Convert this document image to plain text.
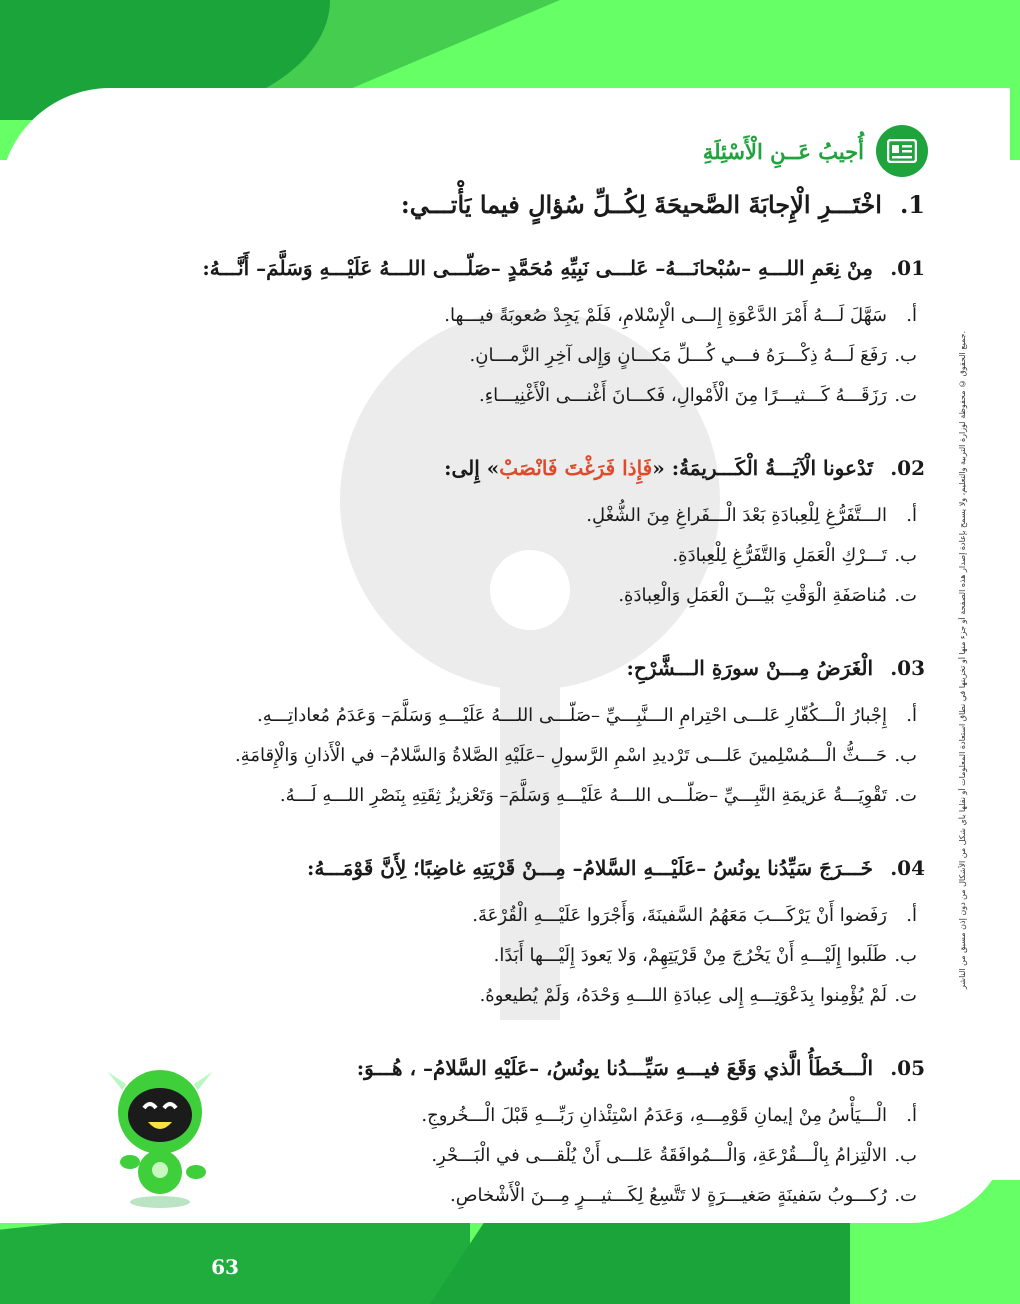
جميع الحقوق © محفوظة لوزارة التربية والتعليم، ولا يسمح بإعادة إصدار هذه الصفحة أو جزء منها أو تخزينها في نطاق استعادة المعلومات أو نقلها بأي شكل من الأشكال من دون إذن مسبق من الناشر.
أُجيبُ عَــنِ الْأَسْئِلَةِ
1.
اخْتَـــرِ الْإِجابَةَ الصَّحيحَةَ لِكُــلِّ سُؤالٍ فيما يَأْتـــي:
01.
مِنْ نِعَمِ اللـــهِ –سُبْحانَـــهُ– عَلـــى نَبِيِّهِ مُحَمَّدٍ –صَلّـــى اللـــهُ عَلَيْـــهِ وَسَلَّمَ– أَنَّـــهُ:
أ.
سَهَّلَ لَـــهُ أَمْرَ الدَّعْوَةِ إِلـــى الْإِسْلامِ، فَلَمْ يَجِدْ صُعوبَةً فيـــها.
ب.
رَفَعَ لَـــهُ ذِكْـــرَهُ فـــي كُـــلِّ مَكـــانٍ وَإِلى آخِرِ الزَّمـــانِ.
ت.
رَزَقَـــهُ كَـــثيـــرًا مِنَ الْأَمْوالِ، فَكـــانَ أَغْنـــى الْأَغْنِيـــاءِ.
02.
تَدْعونا الْآيَـــةُ الْكَـــريمَةُ: «فَإِذا فَرَغْتَ فَانْصَبْ» إِلى:
أ.
الـــتَّفَرُّغِ لِلْعِبادَةِ بَعْدَ الْـــفَراغِ مِنَ الشُّغْلِ.
ب.
تَـــرْكِ الْعَمَلِ وَالتَّفَرُّغِ لِلْعِبادَةِ.
ت.
مُناصَفَةِ الْوَقْتِ بَيْـــنَ الْعَمَلِ وَالْعِبادَةِ.
03.
الْغَرَضُ مِـــنْ سورَةِ الـــشَّرْحِ:
أ.
إِجْبارُ الْـــكُفّارِ عَلـــى احْتِرامِ الـــنَّبِـــيِّ –صَلّـــى اللـــهُ عَلَيْـــهِ وَسَلَّمَ– وَعَدَمُ مُعاداتِـــهِ.
ب.
حَـــثُّ الْـــمُسْلِمينَ عَلـــى تَرْديدِ اسْمِ الرَّسولِ –عَلَيْهِ الصَّلاةُ وَالسَّلامُ– في الْأَذانِ وَالْإِقامَةِ.
ت.
تَقْوِيَـــةُ عَزيمَةِ النَّبِـــيِّ –صَلّـــى اللـــهُ عَلَيْـــهِ وَسَلَّمَ– وَتَعْزيزُ ثِقَتِهِ بِنَصْرِ اللـــهِ لَـــهُ.
04.
خَـــرَجَ سَيِّدُنا يونُسُ –عَلَيْـــهِ السَّلامُ– مِـــنْ قَرْيَتِهِ غاضِبًا؛ لِأَنَّ قَوْمَـــهُ:
أ.
رَفَضوا أَنْ يَرْكَـــبَ مَعَهُمُ السَّفينَةَ، وَأَجْرَوا عَلَيْـــهِ الْقُرْعَةَ.
ب.
طَلَبوا إِلَيْـــهِ أَنْ يَخْرُجَ مِنْ قَرْيَتِهِمْ، وَلا يَعودَ إِلَيْـــها أَبَدًا.
ت.
لَمْ يُؤْمِنوا بِدَعْوَتِـــهِ إِلى عِبادَةِ اللـــهِ وَحْدَهُ، وَلَمْ يُطيعوهُ.
05.
الْـــخَطَأُ الَّذي وَقَعَ فيـــهِ سَيِّـــدُنا يونُسُ، –عَلَيْهِ السَّلامُ– ، هُـــوَ:
أ.
الْـــيَأْسُ مِنْ إيمانِ قَوْمِـــهِ، وَعَدَمُ اسْتِئْذانِ رَبِّـــهِ قَبْلَ الْـــخُروجِ.
ب.
الالْتِزامُ بِالْـــقُرْعَةِ، وَالْـــمُوافَقَةُ عَلـــى أَنْ يُلْقـــى في الْبَـــحْرِ.
ت.
رُكـــوبُ سَفينَةٍ صَغيـــرَةٍ لا تَتَّسِعُ لِكَـــثيـــرٍ مِـــنَ الْأَشْخاصِ.
63
